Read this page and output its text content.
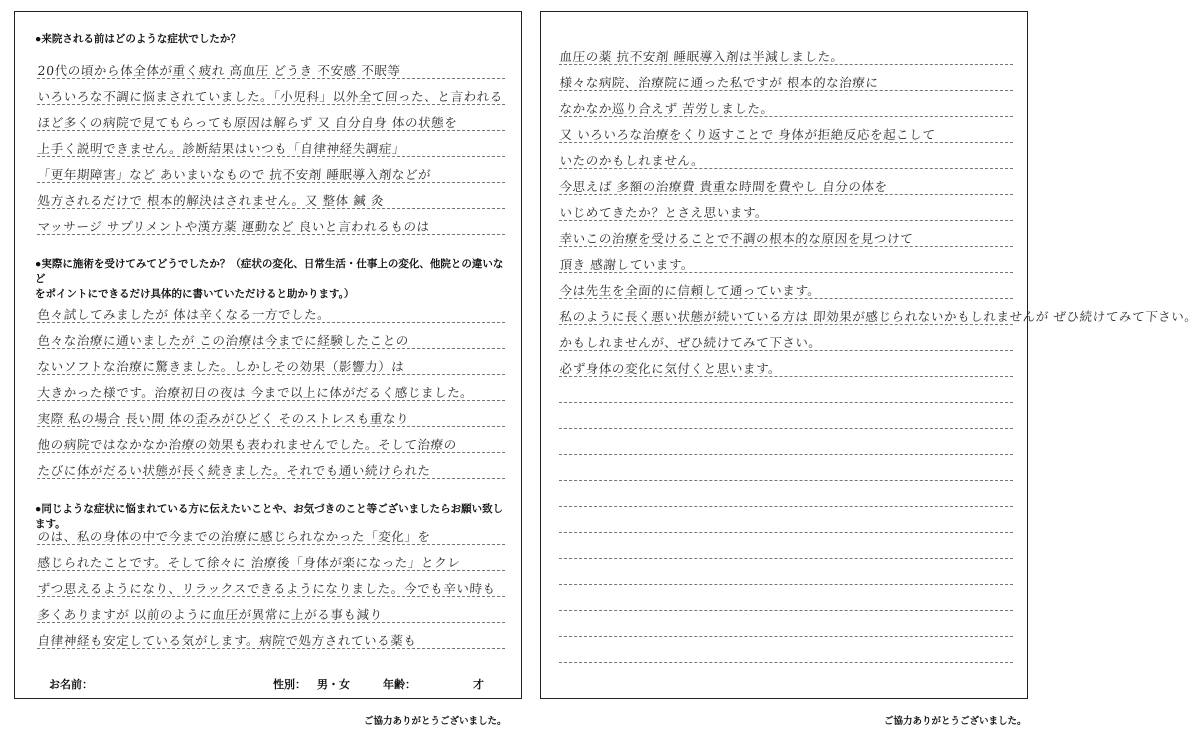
●来院される前はどのような症状でしたか？
20代の頃から体全体が重く疲れ 高血圧 どうき 不安感 不眠等
いろいろな不調に悩まされていました。「小児科」以外全て回った、と言われる
ほど多くの病院で見てもらっても原因は解らず 又 自分自身 体の状態を
上手く説明できません。診断結果はいつも「自律神経失調症」
「更年期障害」など あいまいなもので 抗不安剤 睡眠導入剤などが
処方されるだけで 根本的解決はされません。又 整体 鍼 灸
マッサージ サプリメントや漢方薬 運動など 良いと言われるものは
●実際に施術を受けてみてどうでしたか？（症状の変化、日常生活・仕事上の変化、他院との違いなど
をポイントにできるだけ具体的に書いていただけると助かります。）
色々試してみましたが 体は辛くなる一方でした。
色々な治療に通いましたが この治療は今までに経験したことの
ないソフトな治療に驚きました。しかしその効果（影響力）は
大きかった様です。治療初日の夜は 今まで以上に体がだるく感じました。
実際 私の場合 長い間 体の歪みがひどく そのストレスも重なり
他の病院ではなかなか治療の効果も表われませんでした。そして治療の
たびに体がだるい状態が長く続きました。それでも通い続けられた
●同じような症状に悩まれている方に伝えたいことや、お気づきのこと等ございましたらお願い致します。
のは、私の身体の中で今までの治療に感じられなかった「変化」を
感じられたことです。そして徐々に 治療後「身体が楽になった」とクレ
ずつ思えるようになり、リラックスできるようになりました。今でも辛い時も
多くありますが 以前のように血圧が異常に上がる事も減り
自律神経も安定している気がします。病院で処方されている薬も
お名前：	性別： 男・女	年齢：	才
ご協力ありがとうございました。
血圧の薬 抗不安剤 睡眠導入剤は半減しました。
様々な病院、治療院に通った私ですが 根本的な治療に
なかなか巡り合えず 苦労しました。
又 いろいろな治療をくり返すことで 身体が拒絶反応を起こして
いたのかもしれません。
今思えば 多額の治療費 貴重な時間を費やし 自分の体を
いじめてきたか？とさえ思います。
幸いこの治療を受けることで不調の根本的な原因を見つけて
頂き 感謝しています。
今は先生を全面的に信頼して通っています。
私のように長く悪い状態が続いている方は 即効果が感じられないかもしれませんが ぜひ続けてみて下さい。
かもしれませんが、ぜひ続けてみて下さい。
必ず身体の変化に気付くと思います。
ご協力ありがとうございました。
